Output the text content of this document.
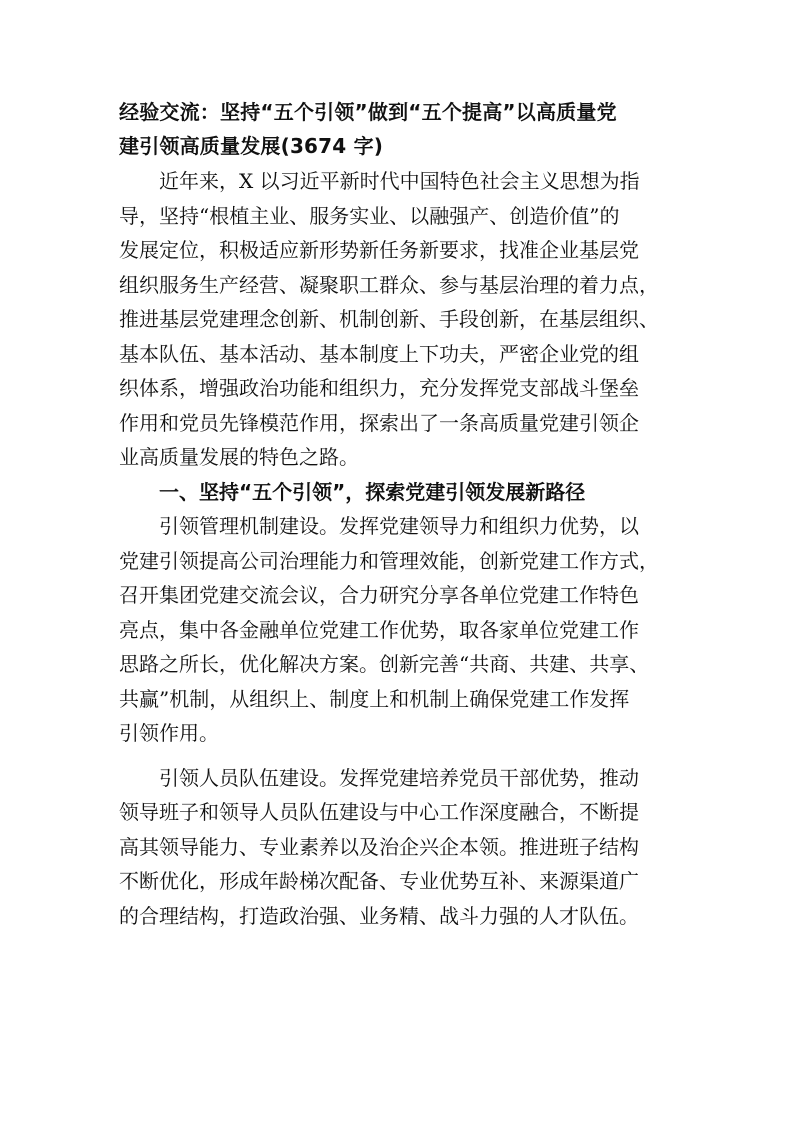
经验交流：坚持“五个引领”做到“五个提高”以高质量党
建引领高质量发展(3674 字)

近年来，X 以习近平新时代中国特色社会主义思想为指
导，坚持“根植主业、服务实业、以融强产、创造价值”的
发展定位，积极适应新形势新任务新要求，找准企业基层党
组织服务生产经营、凝聚职工群众、参与基层治理的着力点，
推进基层党建理念创新、机制创新、手段创新，在基层组织、
基本队伍、基本活动、基本制度上下功夫，严密企业党的组
织体系，增强政治功能和组织力，充分发挥党支部战斗堡垒
作用和党员先锋模范作用，探索出了一条高质量党建引领企
业高质量发展的特色之路。

一、坚持“五个引领”，探索党建引领发展新路径

引领管理机制建设。发挥党建领导力和组织力优势，以
党建引领提高公司治理能力和管理效能，创新党建工作方式，
召开集团党建交流会议，合力研究分享各单位党建工作特色
亮点，集中各金融单位党建工作优势，取各家单位党建工作
思路之所长，优化解决方案。创新完善“共商、共建、共享、
共赢”机制，从组织上、制度上和机制上确保党建工作发挥
引领作用。

引领人员队伍建设。发挥党建培养党员干部优势，推动
领导班子和领导人员队伍建设与中心工作深度融合，不断提
高其领导能力、专业素养以及治企兴企本领。推进班子结构
不断优化，形成年龄梯次配备、专业优势互补、来源渠道广
的合理结构，打造政治强、业务精、战斗力强的人才队伍。
